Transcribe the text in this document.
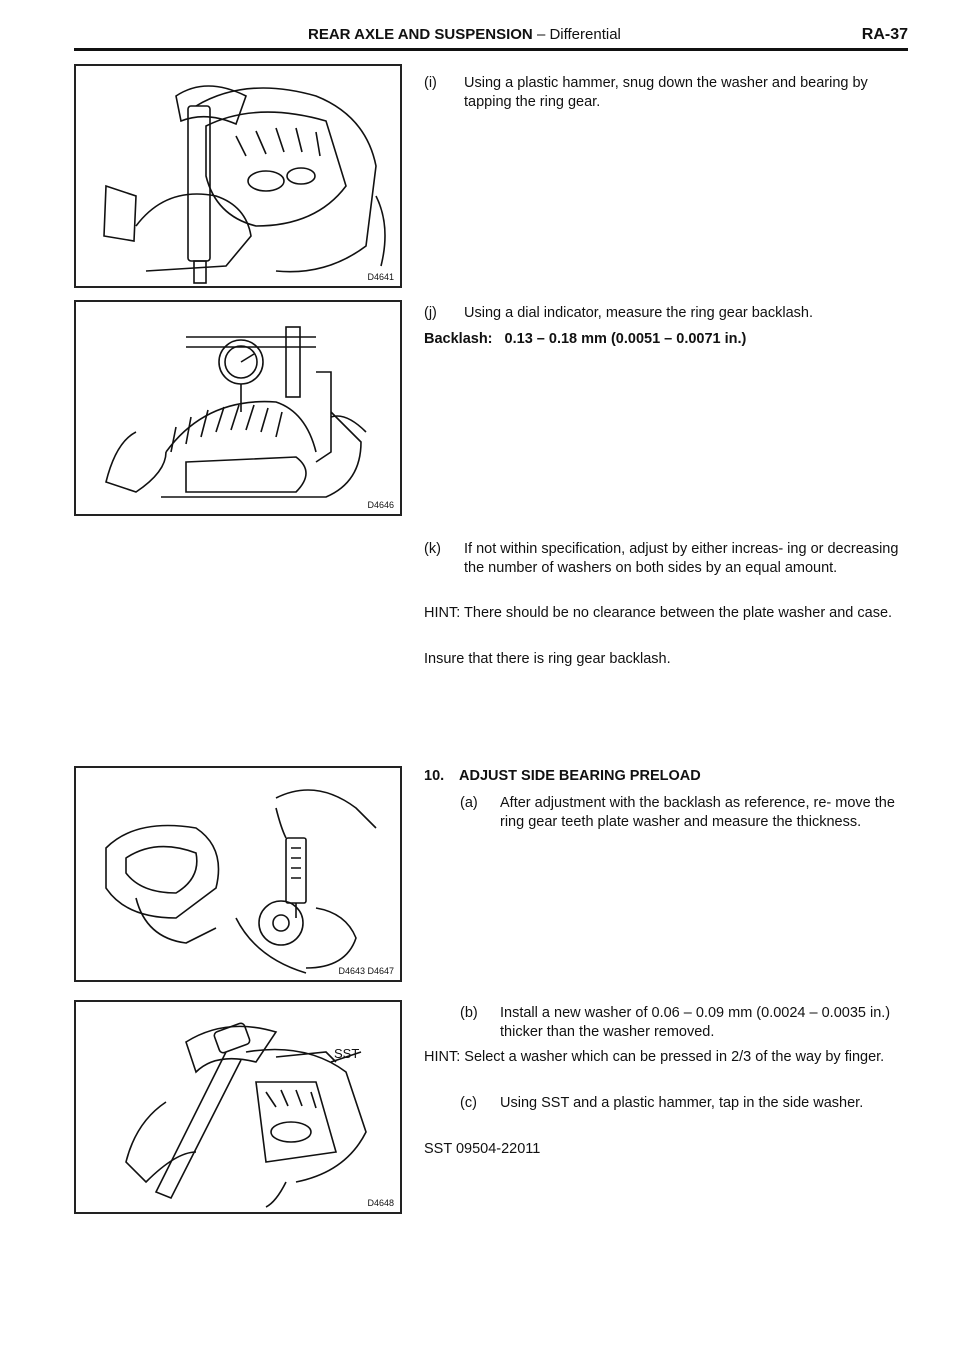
REAR AXLE AND SUSPENSION – Differential	RA-37
D4641
D4646
D4643 D4647
SST
D4648
(i) Using a plastic hammer, snug down the washer and bearing by tapping the ring gear.
(j) Using a dial indicator, measure the ring gear backlash.
Backlash: 0.13 – 0.18 mm (0.0051 – 0.0071 in.)
(k) If not within specification, adjust by either increas- ing or decreasing the number of washers on both sides by an equal amount.
HINT: There should be no clearance between the plate washer and case.
Insure that there is ring gear backlash.
10. ADJUST SIDE BEARING PRELOAD
(a) After adjustment with the backlash as reference, re- move the ring gear teeth plate washer and measure the thickness.
(b) Install a new washer of 0.06 – 0.09 mm (0.0024 – 0.0035 in.) thicker than the washer removed.
HINT: Select a washer which can be pressed in 2/3 of the way by finger.
(c) Using SST and a plastic hammer, tap in the side washer.
SST 09504-22011
